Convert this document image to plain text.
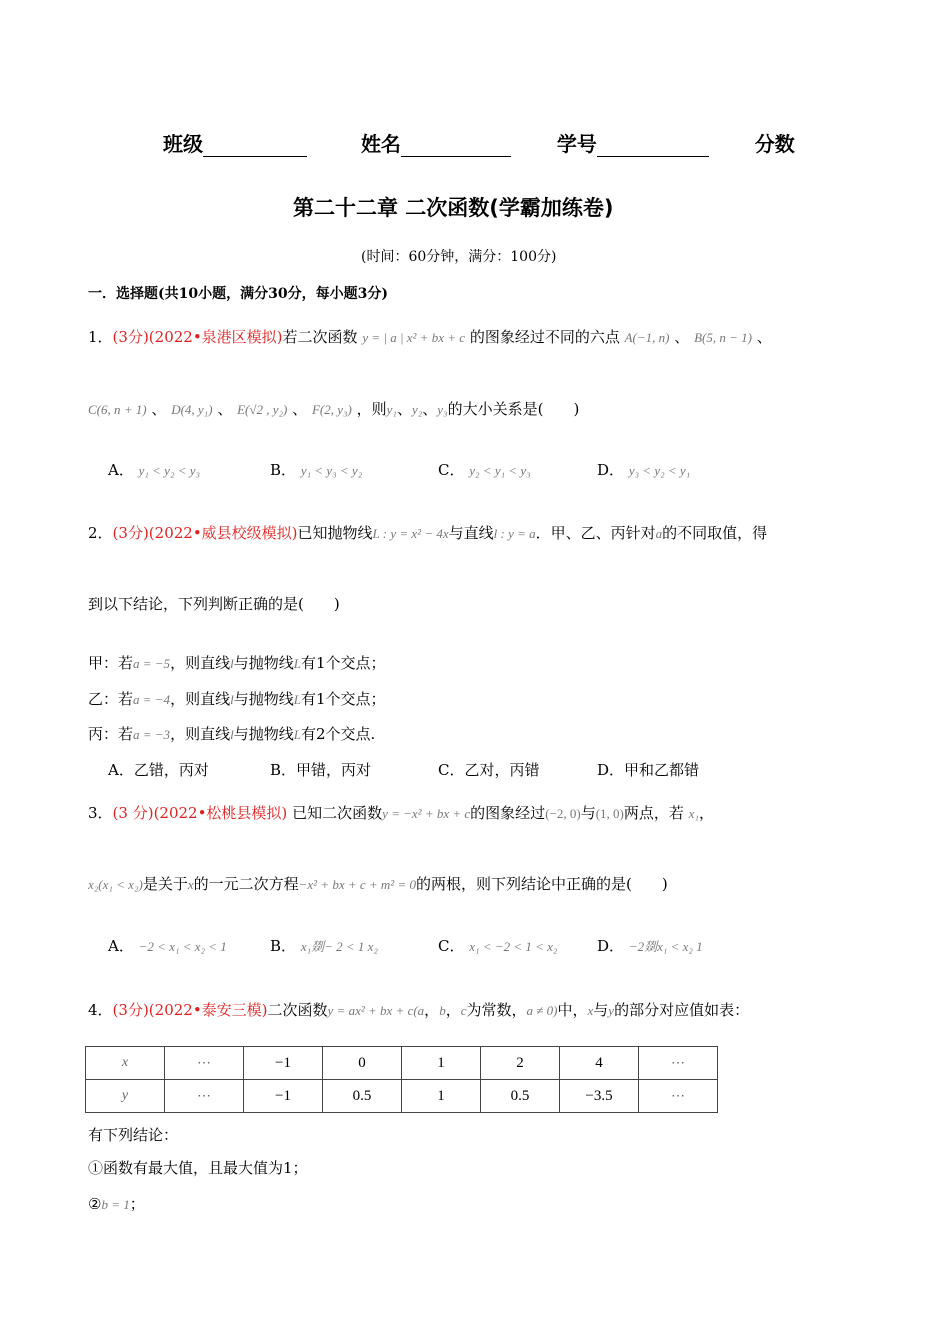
班级	姓名	学号	分数
第二十二章 二次函数(学霸加练卷)
(时间：60分钟，满分：100分)
一．选择题(共10小题，满分30分，每小题3分)
1．(3分)(2022•泉港区模拟)若二次函数 y = | a | x² + bx + c 的图象经过不同的六点 A(−1, n) 、 B(5, n − 1) 、
C(6, n + 1) 、 D(4, y₁) 、 E(√2 , y₂) 、 F(2, y₃) ，则y₁、y₂、y₃的大小关系是(　　)
A． y₁ < y₂ < y₃	B． y₁ < y₃ < y₂	C． y₂ < y₁ < y₃	D． y₃ < y₂ < y₁
2．(3分)(2022•威县校级模拟)已知抛物线L : y = x² − 4x与直线l : y = a．甲、乙、丙针对a的不同取值，得
到以下结论，下列判断正确的是(　　)
甲：若a = −5，则直线l与抛物线L有1个交点；
乙：若a = −4，则直线l与抛物线L有1个交点；
丙：若a = −3，则直线l与抛物线L有2个交点.
A．乙错，丙对	B．甲错，丙对	C．乙对，丙错	D．甲和乙都错
3．(3 分)(2022•松桃县模拟) 已知二次函数y = −x² + bx + c的图象经过(−2, 0)与(1, 0)两点，若 x₁，
x₂(x₁ < x₂)是关于x的一元二次方程−x² + bx + c + m² = 0的两根，则下列结论中正确的是(　　)
A． −2 < x₁ < x₂ < 1	B． x₁剟− 2 < 1 x₂	C． x₁ < −2 < 1 < x₂	D． −2剟x₁ < x₂ 1
4．(3分)(2022•泰安三模)二次函数y = ax² + bx + c(a，b，c为常数，a ≠ 0)中，x与y的部分对应值如表：
x	⋯	−1	0	1	2	4	⋯
y	⋯	−1	0.5	1	0.5	−3.5	⋯
有下列结论：
①函数有最大值，且最大值为1；
②b = 1；
